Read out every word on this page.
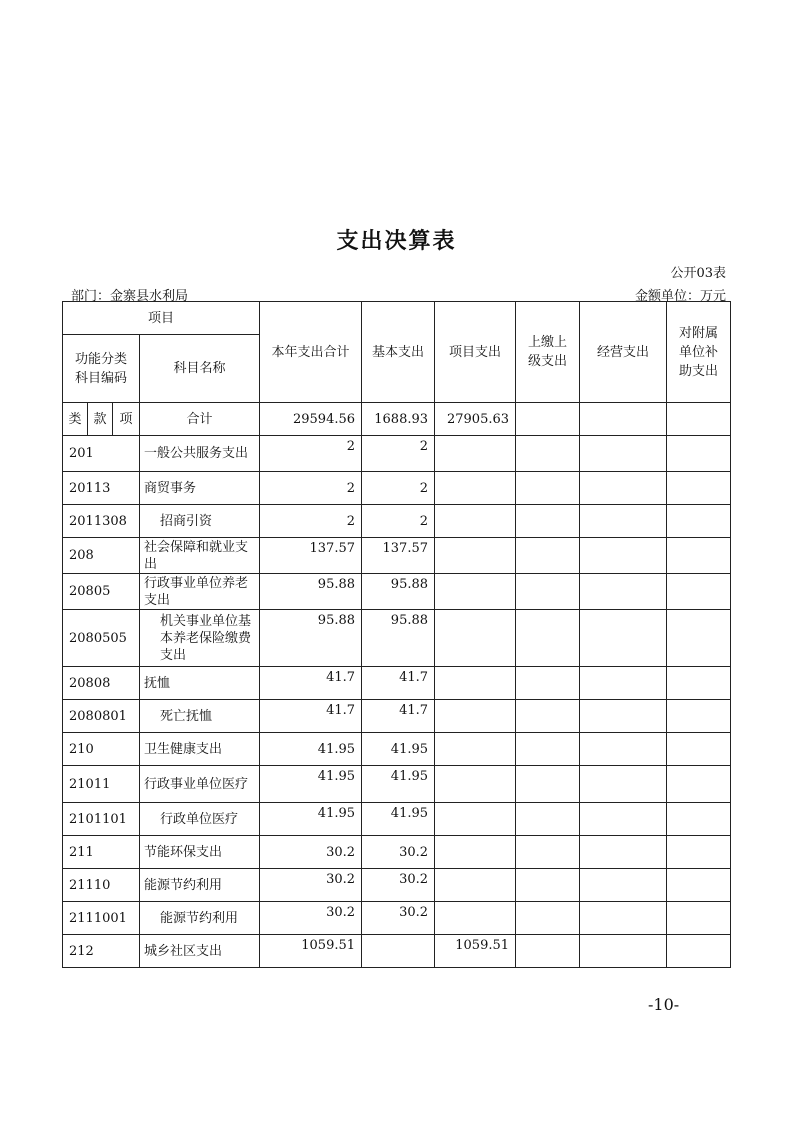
支出决算表
公开03表
部门：金寨县水利局	金额单位：万元
项目				本年支出合计	基本支出	项目支出	上缴上级支出	经营支出	对附属单位补助支出
功能分类科目编码			科目名称						
类	款	项	合计	29594.56	1688.93	27905.63			
201			一般公共服务支出	2	2				
20113			商贸事务	2	2				
2011308			招商引资	2	2				
208			社会保障和就业支出	137.57	137.57				
20805			行政事业单位养老支出	95.88	95.88				
2080505			机关事业单位基本养老保险缴费支出	95.88	95.88				
20808			抚恤	41.7	41.7				
2080801			死亡抚恤	41.7	41.7				
210			卫生健康支出	41.95	41.95				
21011			行政事业单位医疗	41.95	41.95				
2101101			行政单位医疗	41.95	41.95				
211			节能环保支出	30.2	30.2				
21110			能源节约利用	30.2	30.2				
2111001			能源节约利用	30.2	30.2				
212			城乡社区支出	1059.51		1059.51			
-10-
